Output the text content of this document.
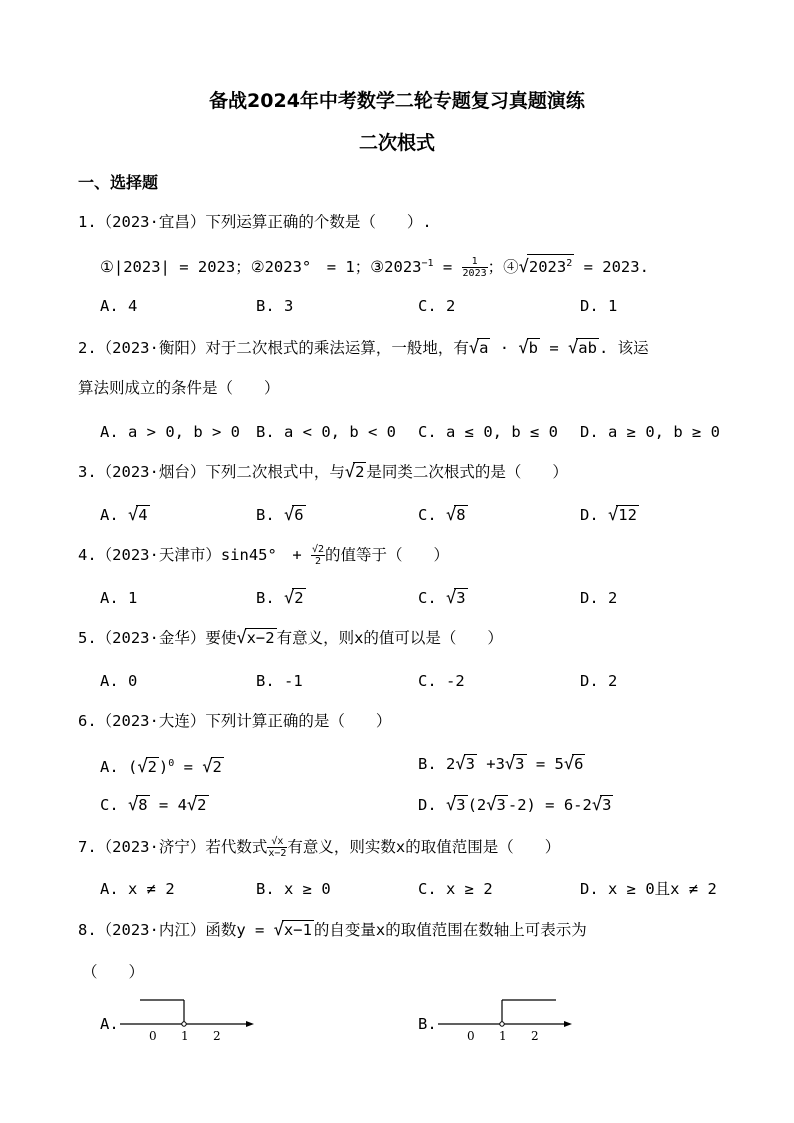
备战2024年中考数学二轮专题复习真题演练
二次根式
一、选择题
1.（2023·宜昌）下列运算正确的个数是（　　）.
①|2023| = 2023；②2023°　= 1；$③2023^{-1} = \frac{1}{2023}$ ；$④√2023^2 = 2023$.
A. 4	B. 3	C. 2	D. 1
2.（2023·衡阳）对于二次根式的乘法运算，一般地，有√a · √b = √ab . 该运
算法则成立的条件是（　　）
A. a > 0, b > 0 B. a < 0, b < 0 C. a ≤ 0, b ≤ 0 D. a ≥ 0, b ≥ 0
3.（2023·烟台）下列二次根式中，与√2 是同类二次根式的是（　　）
A. √4	B. √6	C. √8	D. √12
4.（2023·天津市）sin45°　+ $\frac{√2}{2}$ 的值等于（　　）
A. 1	B. √2	C. √3	D. 2
5.（2023·金华）要使√x−2 有意义，则x的值可以是（　　）
A. 0	B. -1	C. -2	D. 2
6.（2023·大连）下列计算正确的是（　　）
A. (√2 )$^0$ = √2	B. 2√3 +3√3 = 5√6
C. √8 = 4√2	D. √3 (2√3 -2) = 6-2√3
7.（2023·济宁）若代数式 $\frac{√x}{x-2}$ 有意义，则实数x的取值范围是（　　）
A. x ≠ 2	B. x ≥ 0	C. x ≥ 2	D. x ≥ 0且x ≠ 2
8.（2023·内江）函数y = √x−1 的自变量x的取值范围在数轴上可表示为
（　　）
A.
0 1 2
B.
0 1 2
